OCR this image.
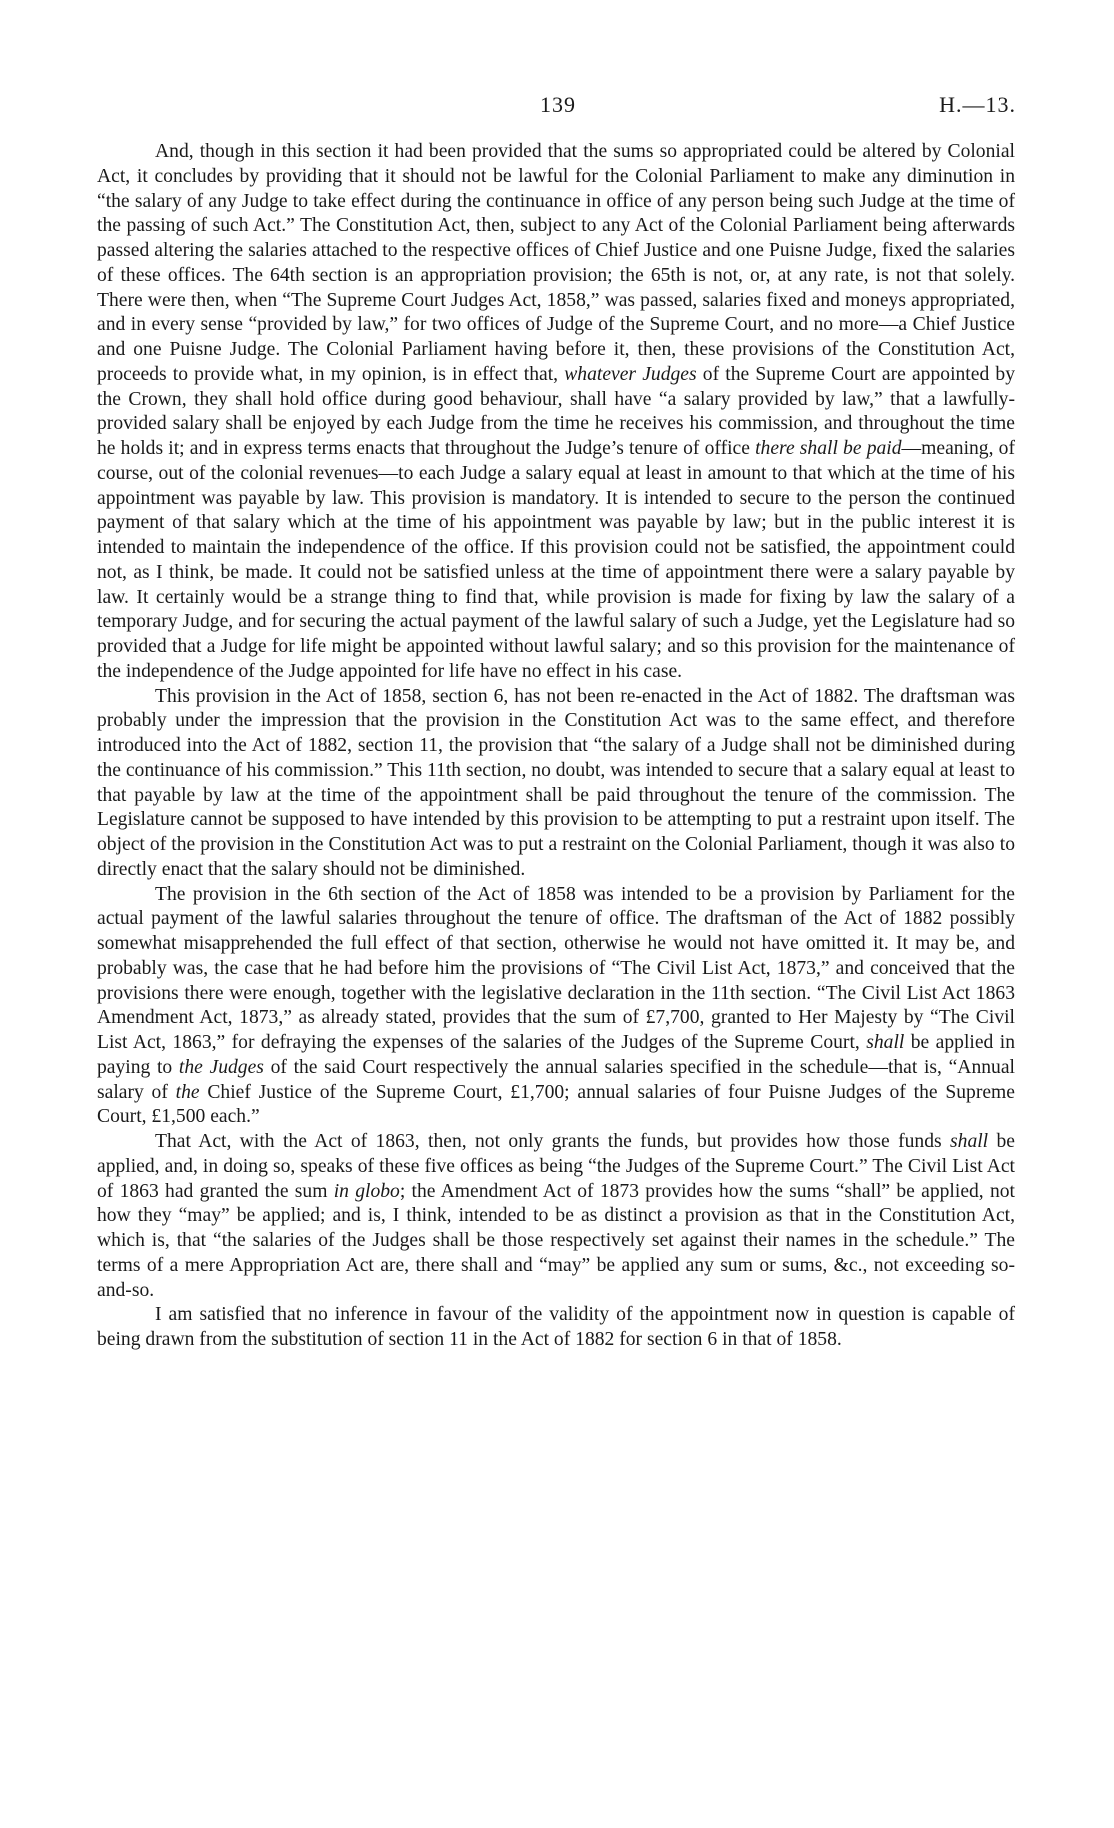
139	H.—13.

And, though in this section it had been provided that the sums so appropriated could be altered by Colonial Act, it concludes by providing that it should not be lawful for the Colonial Parliament to make any diminution in “the salary of any Judge to take effect during the continuance in office of any person being such Judge at the time of the passing of such Act.” The Constitution Act, then, subject to any Act of the Colonial Parliament being afterwards passed altering the salaries attached to the respective offices of Chief Justice and one Puisne Judge, fixed the salaries of these offices. The 64th section is an appropriation provision; the 65th is not, or, at any rate, is not that solely. There were then, when “The Supreme Court Judges Act, 1858,” was passed, salaries fixed and moneys appropriated, and in every sense “provided by law,” for two offices of Judge of the Supreme Court, and no more—a Chief Justice and one Puisne Judge. The Colonial Parliament having before it, then, these provisions of the Constitution Act, proceeds to provide what, in my opinion, is in effect that, whatever Judges of the Supreme Court are appointed by the Crown, they shall hold office during good behaviour, shall have “a salary provided by law,” that a lawfully-provided salary shall be enjoyed by each Judge from the time he receives his commission, and throughout the time he holds it; and in express terms enacts that throughout the Judge’s tenure of office there shall be paid—meaning, of course, out of the colonial revenues—to each Judge a salary equal at least in amount to that which at the time of his appointment was payable by law. This provision is mandatory. It is intended to secure to the person the continued payment of that salary which at the time of his appointment was payable by law; but in the public interest it is intended to maintain the independence of the office. If this provision could not be satisfied, the appointment could not, as I think, be made. It could not be satisfied unless at the time of appointment there were a salary payable by law. It certainly would be a strange thing to find that, while provision is made for fixing by law the salary of a temporary Judge, and for securing the actual payment of the lawful salary of such a Judge, yet the Legislature had so provided that a Judge for life might be appointed without lawful salary; and so this provision for the maintenance of the independence of the Judge appointed for life have no effect in his case.

This provision in the Act of 1858, section 6, has not been re-enacted in the Act of 1882. The draftsman was probably under the impression that the provision in the Constitution Act was to the same effect, and therefore introduced into the Act of 1882, section 11, the provision that “the salary of a Judge shall not be diminished during the continuance of his commission.” This 11th section, no doubt, was intended to secure that a salary equal at least to that payable by law at the time of the appointment shall be paid throughout the tenure of the commission. The Legislature cannot be supposed to have intended by this provision to be attempting to put a restraint upon itself. The object of the provision in the Constitution Act was to put a restraint on the Colonial Parliament, though it was also to directly enact that the salary should not be diminished.

The provision in the 6th section of the Act of 1858 was intended to be a provision by Parliament for the actual payment of the lawful salaries throughout the tenure of office. The draftsman of the Act of 1882 possibly somewhat misapprehended the full effect of that section, otherwise he would not have omitted it. It may be, and probably was, the case that he had before him the provisions of “The Civil List Act, 1873,” and conceived that the provisions there were enough, together with the legislative declaration in the 11th section. “The Civil List Act 1863 Amendment Act, 1873,” as already stated, provides that the sum of £7,700, granted to Her Majesty by “The Civil List Act, 1863,” for defraying the expenses of the salaries of the Judges of the Supreme Court, shall be applied in paying to the Judges of the said Court respectively the annual salaries specified in the schedule—that is, “Annual salary of the Chief Justice of the Supreme Court, £1,700; annual salaries of four Puisne Judges of the Supreme Court, £1,500 each.”

That Act, with the Act of 1863, then, not only grants the funds, but provides how those funds shall be applied, and, in doing so, speaks of these five offices as being “the Judges of the Supreme Court.” The Civil List Act of 1863 had granted the sum in globo; the Amendment Act of 1873 provides how the sums “shall” be applied, not how they “may” be applied; and is, I think, intended to be as distinct a provision as that in the Constitution Act, which is, that “the salaries of the Judges shall be those respectively set against their names in the schedule.” The terms of a mere Appropriation Act are, there shall and “may” be applied any sum or sums, &c., not exceeding so-and-so.

I am satisfied that no inference in favour of the validity of the appointment now in question is capable of being drawn from the substitution of section 11 in the Act of 1882 for section 6 in that of 1858.
